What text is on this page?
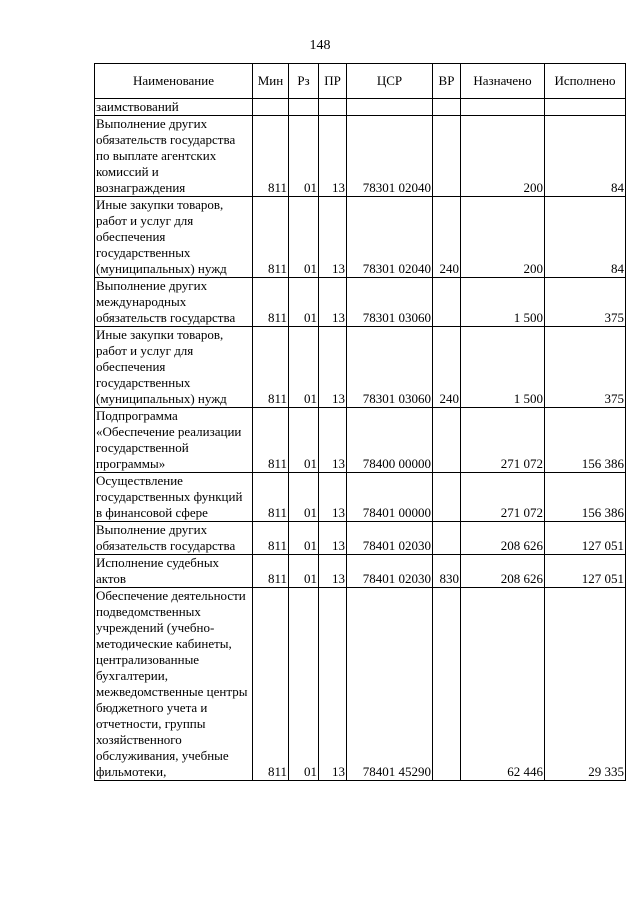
148
Наименование	Мин	Рз	ПР	ЦСР	ВР	Назначено	Исполнено
заимствований							
Выполнение других обязательств государства по выплате агентских комиссий и вознаграждения	811	01	13	78301 02040		200	84
Иные закупки товаров, работ и услуг для обеспечения государственных (муниципальных) нужд	811	01	13	78301 02040	240	200	84
Выполнение других международных обязательств государства	811	01	13	78301 03060		1 500	375
Иные закупки товаров, работ и услуг для обеспечения государственных (муниципальных) нужд	811	01	13	78301 03060	240	1 500	375
Подпрограмма «Обеспечение реализации государственной программы»	811	01	13	78400 00000		271 072	156 386
Осуществление государственных функций в финансовой сфере	811	01	13	78401 00000		271 072	156 386
Выполнение других обязательств государства	811	01	13	78401 02030		208 626	127 051
Исполнение судебных актов	811	01	13	78401 02030	830	208 626	127 051
Обеспечение деятельности подведомственных учреждений (учебно-методические кабинеты, централизованные бухгалтерии, межведомственные центры бюджетного учета и отчетности, группы хозяйственного обслуживания, учебные фильмотеки,	811	01	13	78401 45290		62 446	29 335
